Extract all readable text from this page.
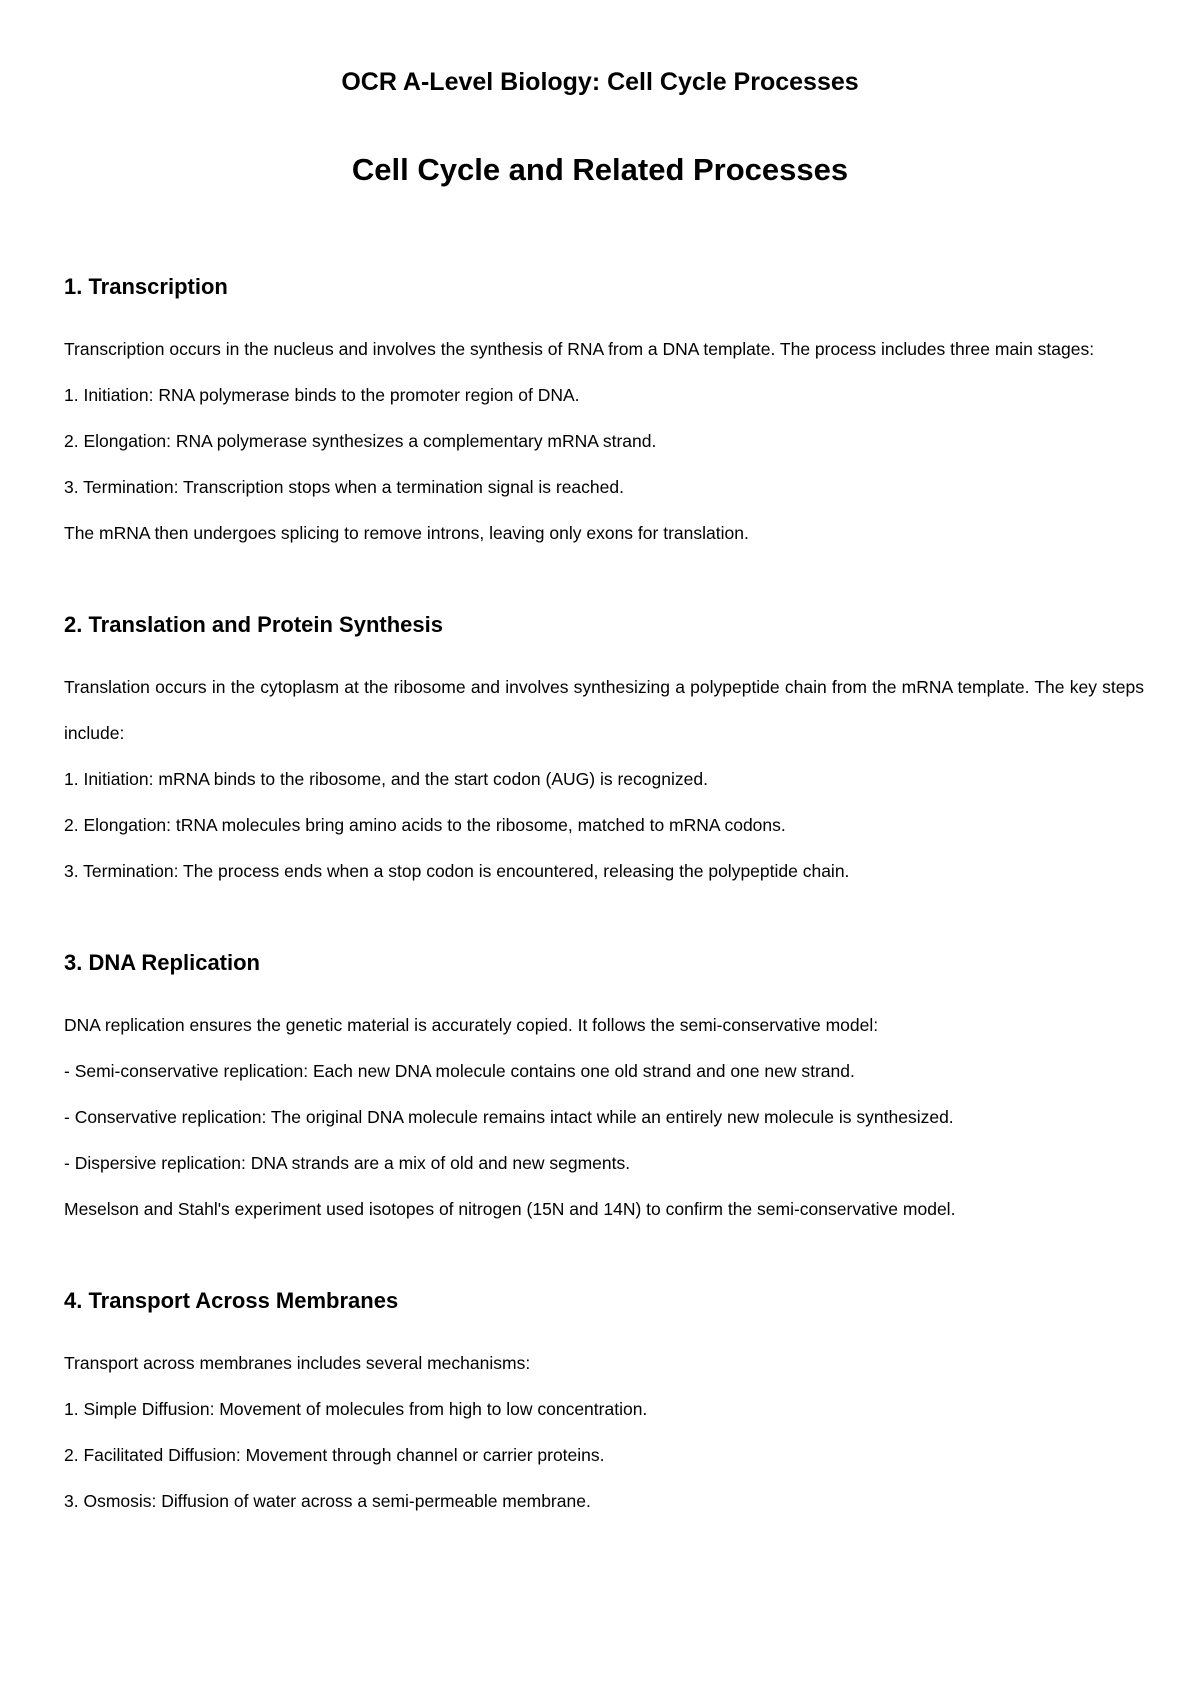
OCR A-Level Biology: Cell Cycle Processes
Cell Cycle and Related Processes
1. Transcription

Transcription occurs in the nucleus and involves the synthesis of RNA from a DNA template. The process includes three main stages:

1. Initiation: RNA polymerase binds to the promoter region of DNA.

2. Elongation: RNA polymerase synthesizes a complementary mRNA strand.

3. Termination: Transcription stops when a termination signal is reached.

The mRNA then undergoes splicing to remove introns, leaving only exons for translation.

2. Translation and Protein Synthesis

Translation occurs in the cytoplasm at the ribosome and involves synthesizing a polypeptide chain from the mRNA template. The key steps include:

1. Initiation: mRNA binds to the ribosome, and the start codon (AUG) is recognized.

2. Elongation: tRNA molecules bring amino acids to the ribosome, matched to mRNA codons.

3. Termination: The process ends when a stop codon is encountered, releasing the polypeptide chain.

3. DNA Replication

DNA replication ensures the genetic material is accurately copied. It follows the semi-conservative model:

- Semi-conservative replication: Each new DNA molecule contains one old strand and one new strand.

- Conservative replication: The original DNA molecule remains intact while an entirely new molecule is synthesized.

- Dispersive replication: DNA strands are a mix of old and new segments.

Meselson and Stahl's experiment used isotopes of nitrogen (15N and 14N) to confirm the semi-conservative model.

4. Transport Across Membranes

Transport across membranes includes several mechanisms:

1. Simple Diffusion: Movement of molecules from high to low concentration.

2. Facilitated Diffusion: Movement through channel or carrier proteins.

3. Osmosis: Diffusion of water across a semi-permeable membrane.
